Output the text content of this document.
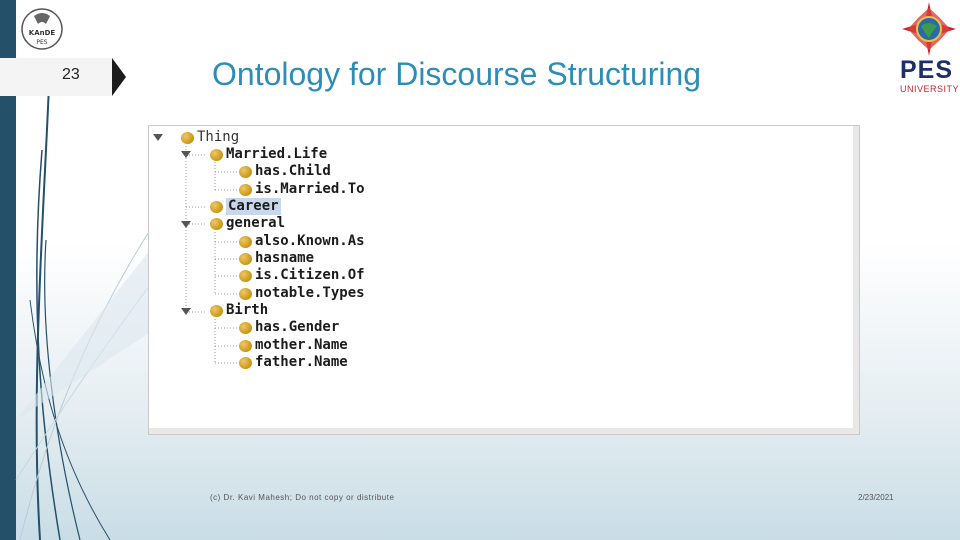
23
KAnDE
PES
Ontology for Discourse Structuring	PES
UNIVERSITY
Thing
Married.Life
has.Child
is.Married.To
Career
general
also.Known.As
hasname
is.Citizen.Of
notable.Types
Birth
has.Gender
mother.Name
father.Name
(c) Dr. Kavi Mahesh; Do not copy or distribute	2/23/2021
